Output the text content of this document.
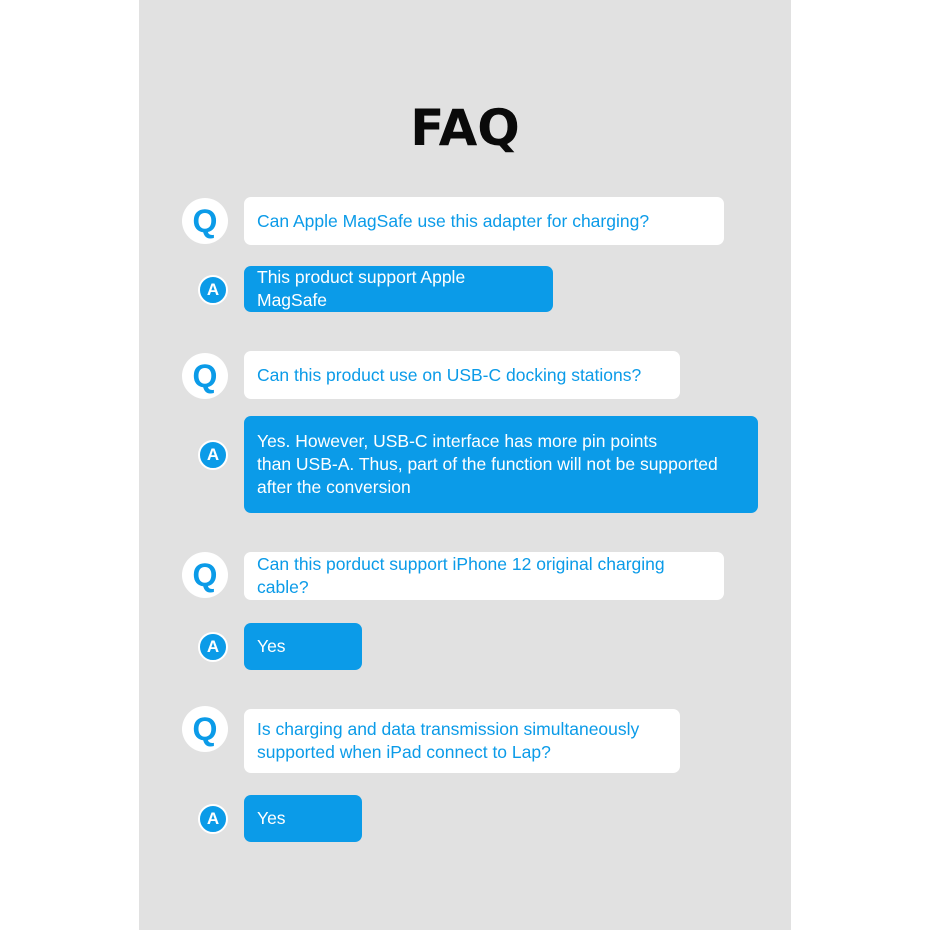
FAQ
Q	Can Apple MagSafe use this adapter for charging?
A
This product support Apple MagSafe
Q	Can this product use on USB-C docking stations?
A
Yes. However, USB-C interface has more pin points
than USB-A. Thus, part of the function will not be supported
after the conversion
Q	Can this porduct support iPhone 12 original charging cable?
A	Yes
Q	Is charging and data transmission simultaneously
supported when iPad connect to Lap?
A	Yes
